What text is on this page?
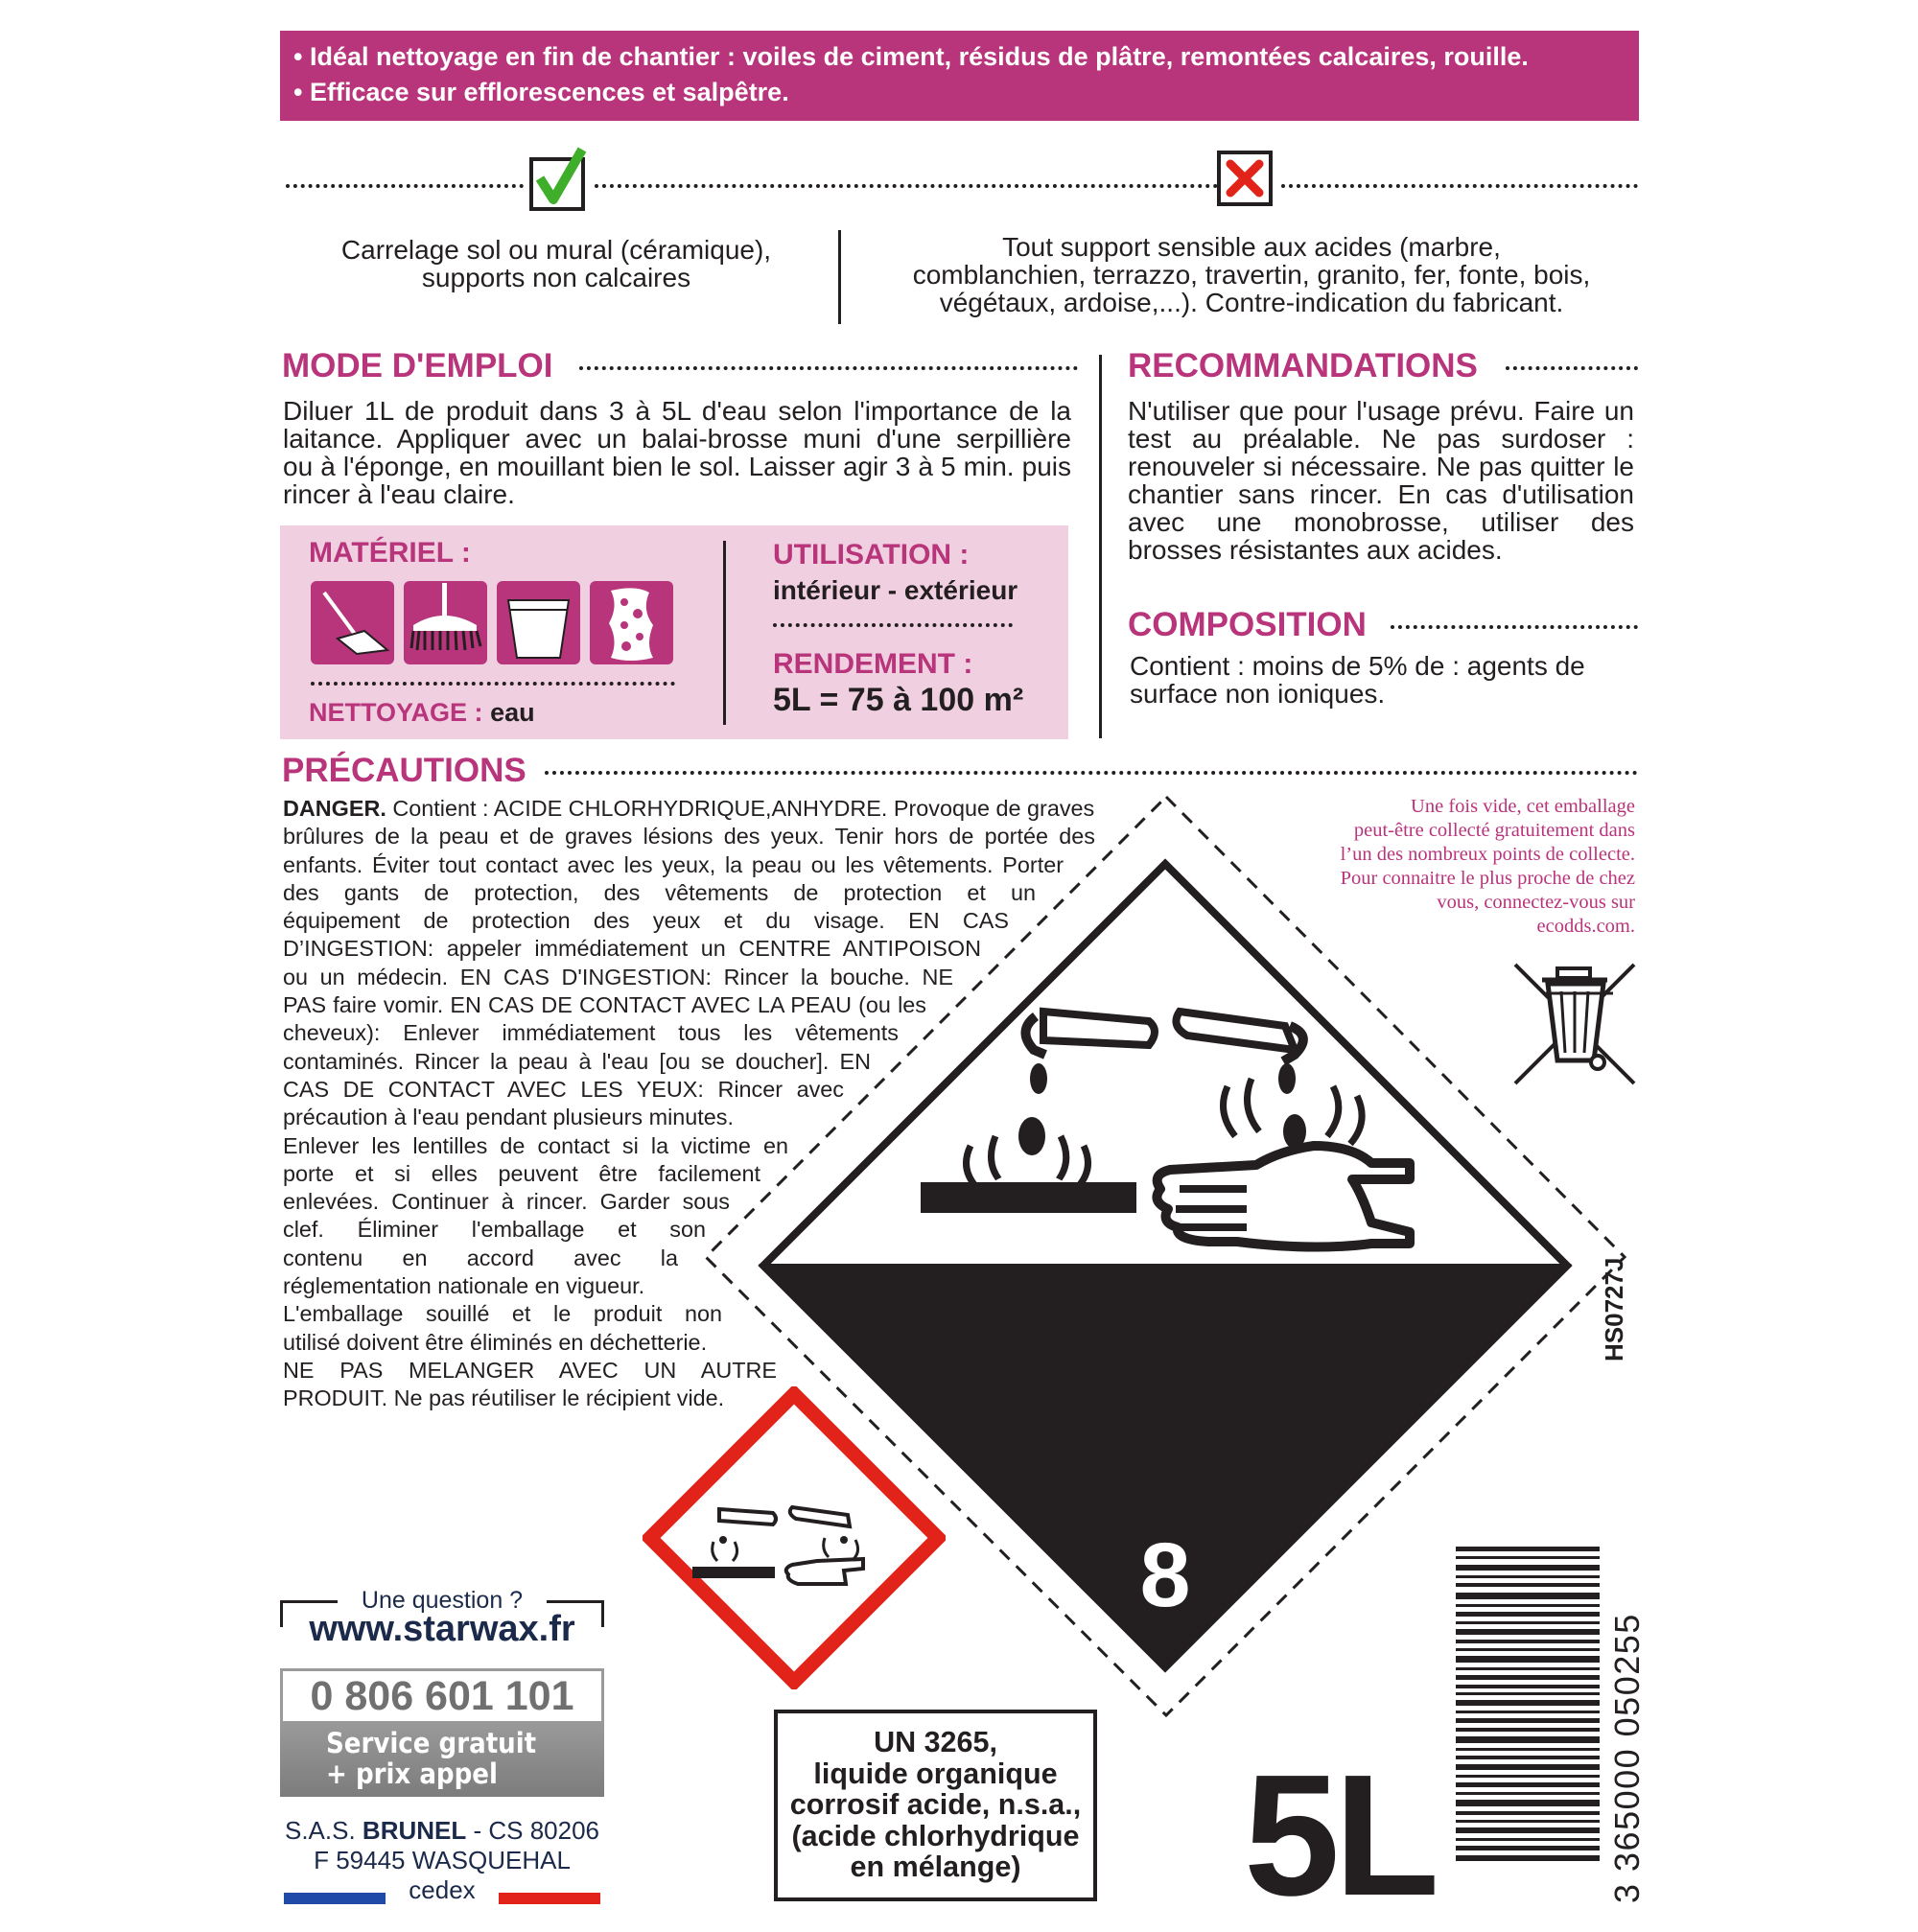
• Idéal nettoyage en fin de chantier : voiles de ciment, résidus de plâtre, remontées calcaires, rouille.
• Efficace sur efflorescences et salpêtre.
Carrelage sol ou mural (céramique),
supports non calcaires
Tout support sensible aux acides (marbre,
comblanchien, terrazzo, travertin, granito, fer, fonte, bois,
végétaux, ardoise,...). Contre-indication du fabricant.
MODE D'EMPLOI
Diluer 1L de produit dans 3 à 5L d'eau selon l'importance de la
laitance. Appliquer avec un balai-brosse muni d'une serpillière
ou à l'éponge, en mouillant bien le sol. Laisser agir 3 à 5 min. puis
rincer à l'eau claire.
MATÉRIEL :
NETTOYAGE : eau
UTILISATION :
intérieur - extérieur
RENDEMENT :
5L = 75 à 100 m²
RECOMMANDATIONS
N'utiliser que pour l'usage prévu. Faire un
test au préalable. Ne pas surdoser :
renouveler si nécessaire. Ne pas quitter le
chantier sans rincer. En cas d'utilisation
avec une monobrosse, utiliser des
brosses résistantes aux acides.
COMPOSITION
Contient : moins de 5% de : agents de
surface non ioniques.
PRÉCAUTIONS
8
DANGER. Contient : ACIDE CHLORHYDRIQUE,ANHYDRE. Provoque de graves
brûlures de la peau et de graves lésions des yeux. Tenir hors de portée des
enfants. Éviter tout contact avec les yeux, la peau ou les vêtements. Porter
des gants de protection, des vêtements de protection et un
équipement de protection des yeux et du visage. EN CAS
D’INGESTION: appeler immédiatement un CENTRE ANTIPOISON
ou un médecin. EN CAS D'INGESTION: Rincer la bouche. NE
PAS faire vomir. EN CAS DE CONTACT AVEC LA PEAU (ou les
cheveux): Enlever immédiatement tous les vêtements
contaminés. Rincer la peau à l'eau [ou se doucher]. EN
CAS DE CONTACT AVEC LES YEUX: Rincer avec
précaution à l'eau pendant plusieurs minutes.
Enlever les lentilles de contact si la victime en
porte et si elles peuvent être facilement
enlevées. Continuer à rincer. Garder sous
clef. Éliminer l'emballage et son
contenu en accord avec la
réglementation nationale en vigueur.
L'emballage souillé et le produit non
utilisé doivent être éliminés en déchetterie.
NE PAS MELANGER AVEC UN AUTRE
PRODUIT. Ne pas réutiliser le récipient vide.
Une fois vide, cet emballage
peut-être collecté gratuitement dans
l’un des nombreux points de collecte.
Pour connaitre le plus proche de chez
vous, connectez-vous sur
ecodds.com.
HS0727J
Une question ?
www.starwax.fr
0 806 601 101
Service gratuit
+ prix appel
S.A.S. BRUNEL - CS 80206
F 59445 WASQUEHAL cedex
UN 3265,
liquide organique
corrosif acide, n.s.a.,
(acide chlorhydrique
en mélange)	5L	3 365000 050255
